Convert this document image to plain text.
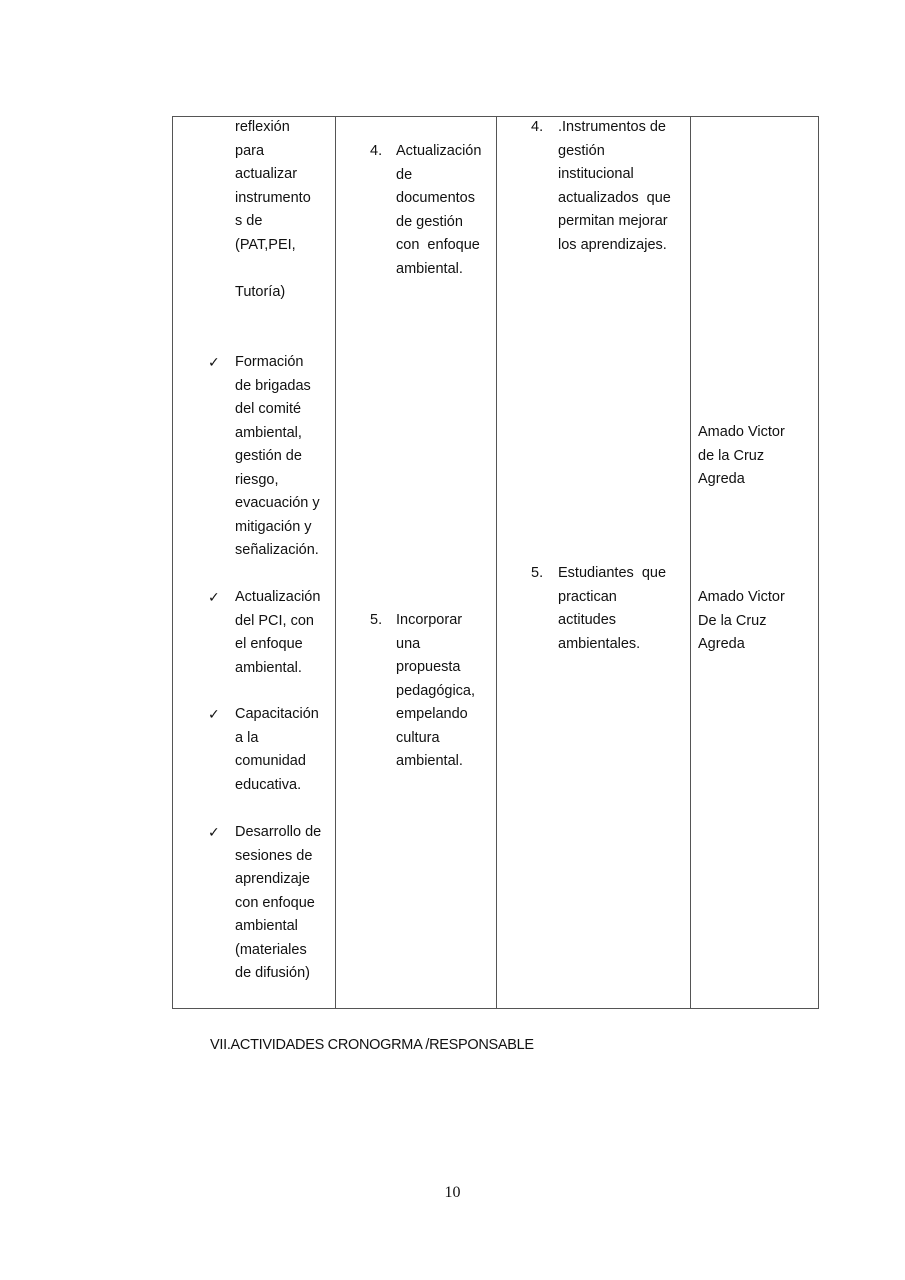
reflexión
para
actualizar
instrumento
s de
(PAT,PEI,
Tutoría)
✓ Formación
de brigadas
del comité
ambiental,
gestión de
riesgo,
evacuación y
mitigación y
señalización.
✓ Actualización
del PCI, con
el enfoque
ambiental.
✓ Capacitación
a la
comunidad
educativa.
✓ Desarrollo de
sesiones de
aprendizaje
con enfoque
ambiental
(materiales
de difusión)
4. Actualización
de
documentos
de gestión
con  enfoque
ambiental.
5. Incorporar
una
propuesta
pedagógica,
empelando
cultura
ambiental.
4. .Instrumentos de
gestión
institucional
actualizados  que
permitan mejorar
los aprendizajes.
5. Estudiantes  que
practican
actitudes
ambientales.
Amado Victor
de la Cruz
Agreda
Amado Victor
De la Cruz
Agreda
VII.ACTIVIDADES CRONOGRMA /RESPONSABLE
10
